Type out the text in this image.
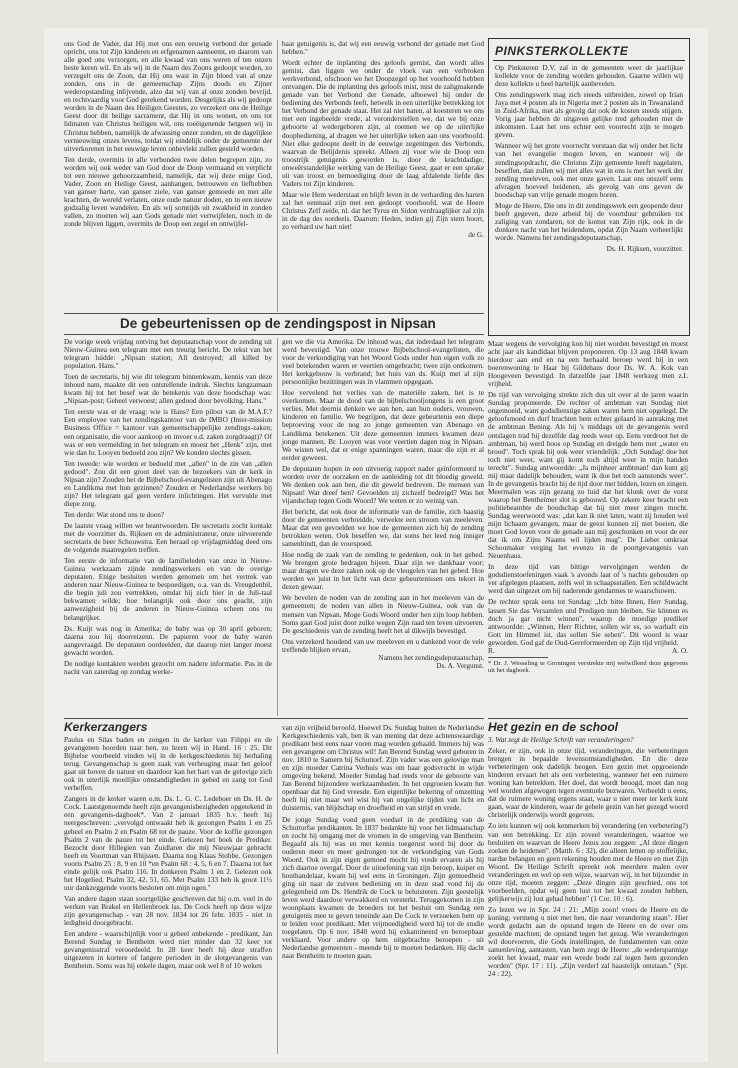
ons God de Vader, dat Hij met ons een eeuwig verbond der genade opricht, ons tot Zijn kinderen en erfgenamen aanneemt, en daarom van alle goed ons verzorgen, en alle kwaad van ons weren of ten onzen beste keren wil. En als wij in de Naam des Zoons gedoopt worden, zo verzegelt ons de Zoon, dat Hij ons wast in Zijn bloed van al onze zonden, ons in de gemeenschap Zijns doods en Zijner wederopstanding inlijvende, alzo dat wij van al onze zonden bevrijd, en rechtvaardig voor God gerekend worden. Desgelijks als wij gedoopt worden in de Naam des Heiligen Geestes, zo verzekert ons de Heilige Geest door dit heilige sacrament, dat Hij in ons wonen, en ons tot lidmaten van Christus heiligen wil, ons toeëigenende hetgeen wij in Christus hebben, namelijk de afwassing onzer zonden, en de dagelijkse vernieuwing onzes levens, totdat wij eindelijk onder de gemeente der uitverkorenen in het eeuwige leven onbevlekt zullen gesteld worden.

Ten derde, overmits in alle verbonden twee delen begrepen zijn, zo worden wij ook weder van God door de Doop vermaand en verplicht tot een nieuwe gehoorzaamheid, namelijk, dat wij deze enige God, Vader, Zoon en Heilige Geest, aanhangen, betrouwen en liefhebben van ganser harte, van ganser ziele, van ganser gemoede en met alle krachten, de wereld verlaten, onze oude natuur doden, en in een nieuw godzalig leven wandelen. En als wij somtijds uit zwakheid in zonden vallen, zo moeten wij aan Gods genade niet vertwijfelen, noch in de zonde blijven liggen, overmits de Doop een zegel en ontwijfel-

baar getuigenis is, dat wij een eeuwig verbond der genade met God hebben."

Wordt echter de inplanting des geloofs gemist, dan wordt alles gemist, dan liggen we onder de vloek van een verbroken werkverbond, ofschoon we het Doopzegel op het voorhoofd hebben ontvangen. Die de inplanting des geloofs mist, mist de zaligmakende genade van het Verbond der Genade, alhoewel hij onder de bediening des Verbonds leeft, hetwelk in een uiterlijke betrekking tot het Verbond der genade staat. Het zal niet baten, al koesteren we ons met een ingebeelde vrede, al veronderstellen we, dat we bij onze geboorte al wedergeboren zijn, al roemen we op de uiterlijke doopbediening, al dragen we het uiterlijke teken aan ons voorhoofd. Niet elke gedoopte deelt in de eeuwige zegeningen des Verbonds, waarvan de Belijdenis spreekt. Alleen zij voor wie de Doop een troostrijk getuigenis geworden is, door de krachtdadige, onweêrstandelijke werking van de Heilige Geest, gaat er een sprake uit van troost en bemoediging door de laag afdalende liefde des Vaders tot Zijn kinderen.

Maar wie Hem wederstaat en blijft leven in de verharding des harten zal het eenmaal zijn met een gedoopt voorhoofd, wat de Heere Christus Zelf zeide, nl. dat het Tyrus en Sidon verdraaglijker zal zijn in de dag des oordeels. Daarom: Heden, indien gij Zijn stem hoort, zo verhard uw hart niet!

de G.
PINKSTERKOLLEKTE

Op Pinksteren D.V. zal in de gemeenten weer de jaarlijkse kollekte voor de zending worden gehouden. Gaarne willen wij deze kollekte u heel hartelijk aanbevelen.

Ons zendingswerk mag zich steeds uitbreiden, zowel op Irian Jaya met 4 posten als in Nigeria met 2 posten als in Tswanaland in Zuid-Afrika, met als gevolg dat ook de kosten steeds stijgen. Vorig jaar hebben de uitgaven gelijke tred gehouden met de inkomsten. Laat het ons echter een voorrecht zijn te mogen geven.

Wanneer wij het grote voorrecht verstaan dat wij onder het licht van het evangelie mogen leven, en wanneer wij de zendingsopdracht, die Christus Zijn gemeente heeft nagelaten, beseffen, dan zullen wij met alles wat in ons is met het werk der zending meeleven, ook met onze gaven. Laat ons onszelf eens afvragen hoeveel heidenen, als gevolg van ons geven de boodschap van vrije genade mogen horen.

Moge de Heere, Die ons in dit zendingswerk een geopende deur heeft gegeven, deze arbeid bij de voortduur gebruiken tot zaliging van zondaren, tot de komst van Zijn rijk, ook in de donkere nacht van het heidendom, opdat Zijn Naam verheerlijkt worde. Namens het zendingsdeputaatschap,

Ds. H. Rijksen, voorzitter.
De gebeurtenissen op de zendingspost in Nipsan

De vorige week vrijdag ontving het deputaatschap voor de zending uit Nieuw-Guinea een telegram met een treurig bericht. De tekst van het telegram luidde: „Nipsan station; All destroyed; all killed by population. Hans."

Toen de secretaris, bij wie dit telegram binnenkwam, kennis van deze inhoud nam, maakte dit een ontstellende indruk. Slechts langzamaan kwam hij tot het besef wat de betekenis van deze boodschap was: „Nipsan-post; Geheel verwoest; allen gedood door bevolking. Hans."

Ten eerste was er de vraag: wie is Hans? Een piloot van de M.A.F.? Een employee van het zendingskantoor van de IMBO (Inter-mission Business Office = kantoor van gemeenschappelijke zendings-zaken; een organisatie, die voor aankoop en invoer e.d. zaken zorgdraagt)? Of was er een vermelding in het telegram en moest het „Henk" zijn, met wie dan br. Looyen bedoeld zou zijn? We konden slechts gissen.

Ten tweede: wie worden er bedoeld met „allen" in de zin van „allen gedood". Zou dit een groot deel van de bezoekers van de kerk in Nipsan zijn? Zouden het de Bijbelschool-evangelisten zijn uit Abenago en Landikma met hun gezinnen? Zouden er Nederlandse werkers bij zijn? Het telegram gaf geen verdere inlichtingen. Het vervulde met diepe zorg.

Ten derde: Wat stond ons te doen?

De laatste vraag willen we beantwoorden. De secretaris zocht kontakt met de voorzitter ds. Rijksen en de administrateur, onze uitvoerende secretaris de heer Schouwstra. Een beraad op vrijdagmiddag deed ons de volgende maatregelen treffen.

Ten eerste de informatie van de familieleden van onze in Nieuw-Guinea werkzaam zijnde zendingswerkers en van de overige deputaten. Enige besluiten werden genomen om het vertrek van anderen naar Nieuw-Guinea te bespoedigen, o.a. van ds. Vreugdenhil, die begin juli zou vertrekken, omdat hij zich hier in de Juli-taal bekwamen wilde; hoe belangrijk ook door ons geacht, zijn aanwezigheid bij de anderen in Nieuw-Guinea scheen ons nu belangrijker.

Ds. Kuijt was nog in Amerika; de baby was op 30 april geboren; daarna zou hij doorreizenn. De papieren voor de baby waren aangevraagd. De deputaten oordeelden, dat daarop niet langer moest gewacht worden.

De nodige kontakten werden gezocht om nadere informatie. Pas in de nacht van zaterdag op zondag werke-

gen we die via Amerika. De inhoud was, dat inderdaad het telegram werd bevestigd. Van onze trouwe Bijbelschool-evangelisten, die voor de verkondiging van het Woord Gods onder hun eigen volk zo veel betekenden waren er veertien omgebracht; twee zijn ontkomen. Het kerkgebouw is verbrand; het huis van ds. Kuijt met al zijn persoonlijke bezittingen was in vlammen opgegaan.

Hoe vervelend het verlies van de materiële zaken, het is te overkomen. Maar de dood van de bijbelschooljongens is een groot verlies. Met deernis denken we aan hen, aan hun ouders, vrouwen, kinderen en familie. We begrijpen, dat deze gebeurtenis een diepe beproeving voor de nog zo jonge gemeenten van Abenago en Landikma betekenen. Uit deze gemeenten immers kwamen deze jonge mannen. Br. Looyen was voor veertien dagen nog in Nipsan. We wisten wel, dat er enige spanningen waren, maar die zijn er al eerder geweest.

De deputaten hopen in een uitvoerig rapport nader geïnformeerd te worden over de oorzaken en de aanleiding tot dit bloedig geweld. We denken ook aan hen, die dit geweld bedreven. De mensen van Nipsan! Wat dreef hen? Gevoelden zij zichzelf bedreigd? Was het vijandschap tegen Gods Woord? We weten er zo weinig van.

Het bericht, dat ook door de informatie van de familie, zich haastig door de gemeenten verbreidde, verwekte een stroom van meeleven. Maar dat een gevoelden we hoe de gemeenten zich bij de zending betrokken weten. Ook beseffen we, dat soms het leed nog inniger samenbindt, dan de voorspoed.

Hoe nodig de zaak van de zending te gedenken, ook in het gebed. We brengen grote bedragen bijeen. Daar zijn we dankbaar voor; maar dragen we deze zaken ook op de vleugelen van het gebed. Hoe worden we juist in het licht van deze gebeurtenissen ons tekort in dezen gewaar.

We bevelen de noden van de zending aan in het meeleven van de gemeenten; de noden van allen in Nieuw-Guinea, ook van de mensen van Nipsan. Moge Gods Woord onder hen zijn loop hebben. Soms gaat God juist door zulke wegen Zijn raad ten leven uitvoeren. De geschiedenis van de zending heeft het al dikwijls bevestigd.

Ons verzekerd houdend van uw meeleven en u dankend voor de vele treffende blijken ervan,

Namens het zendingsdeputaatschap,
Ds. A. Vergunst.

Maar wegens de vervolging kon hij niet worden bevestigd en moest acht jaar als kandidaat blijven proponeren. Op 13 aug 1848 kwam hierdoor aan end en na een herhaald beroep werd hij in een boerenwoning te Haar bij Gildehaus door Ds. W. A. Kok van Hoogeveen bevestigd. In datzelfde jaar 1848 werkzeg men z.L vrijheid.

De tijd van vervolging strekte zich dus uit over al de jaren waarin Sundag proponeerde. De rechter of ambtman van Sundag niet ongemoeid, want godsdienstige zaken waren hem niet opgelegd. De geloofsmoed en durf brachten hem echter gelaard in aanraking met de ambtman Bening. Als hij 's middags uit de gevangenis werd ontslagen trad hij dezelfde dag reeds weer op. Eens verdroot het de ambtman, hij werd hoos op Sundag en dreigde hem met „water en brood". Toch sprak hij ook weer vriendelijk: „Och Sundag! doe het toch niet weer, want gij komt toch altijd weer in mijn handen terecht". Sundag antwoordde: „Ja mijnheer ambtman! dan kunt gij mij maar dadelijk behouden, want ik doe het toch aanstonds weer". In de gevangenis bracht hij de tijd door met bidden, lezen en zingen. Meermalen was zijn gezang zo luid dat het klonk over de vorst waarop het Bentheimer slot is gebouwd. Op zekere keer bracht een politiebeambte de boodschap dat hij niet meer zingen mocht. Sundag weerwoord was: „dat kan ik niet laten, want zij houden wel mijn lichaam gevangen, maar de geest kunnen zij niet boeien, die moet God loven voor de genade aan mij geschonken en voor de eer dat ik om Zijns Naams wil lijden mag". De Lieber omkraat Schoomaker verging het evenzo in de poortgevangenis van Neuenhaus.

In deze tijd van bittige vervolgingen werden de godsdienstoefeningen vaak 's avonds laat of 's nachts gehouden op ver afgelegen plaatsen, zelfs wel in schaapsstallen. Een schildwacht werd dan uitgezet om bij naderende gendarmes te waarschuwen.

De rechter sprak eens tot Sundag: „Ich bitte Ihnen, Herr Sundag, lassen Sie das Versamlen und Predigen nun bleiben, Sie können es doch ja gar nicht winnen", waarop de moedige prediker antwoordde: „Winnen, Herr Richter, sollen wir es, so warhaft ein Gott im Himmel ist, das sollen Sie sehen". Dit woord is waar geworden. God gaf de Oud-Gereformeerden op Zijn tijd vrijheid.

R.	A. O.

* Dr. J. Wesseling te Groningen verstrekte mij welwillend deze gegevens uit het dagboek.

Kerkerzangers

Paulus en Silas baden en zongen in de kerker van Filippi en de gevangenen hoorden naar hen, zo lezen wij in Hand. 16 : 25. Dit Bijbelse voorbeeld vinden wij in de kerkgeschiedenis bij herhaling terug. Gevangenschap is geen zaak van verheuging maar het geloof gaat uit boven de natuur en daardoor kan het hart van de gelovige zich ook in uiterlijk moeilijke omstandigheden in gebed en zang tot God verheffen.

Zangers in de kerker waren o.m. Ds. L. G. C. Ledeboer en Ds. H. de Cock. Laatstgenoemde heeft zijn gevangenisbezigheden opgetekend in een gevangenis-dagboek*. Van 2 januari 1835 b.v. heeft hij neergeschreven: „vervolgd ontwaakt heb ik gezongen Psalm 1 en 25 geheel en Psalm 2 en Psalm 68 tot de pauze. Voor de koffie gezongen Psalm 2 van de pauze tot het einde. Gelezen het boek de Prediker. Bezocht door Hillegien van Zuidlaren die mij Nieuwjaar gebracht heeft en Voortman van Rhijssen. Daarna nog Klaas Stobbe. Gezongen voorts Psalm 25 : 8, 9 en 10 *en Psalm 68 : 4, 5, 6 en 7. Daarna tot het einde gelijk ook Psalm 116. In donkeren Psalm 1 en 2. Gelezen ook het Hogelied. Psalm 32, 42, 51, 65. Met Psalm 133 heb ik groot 11½ uur dankzeggende voorts besloten om mijn ogen."

Van andere dagen staan soortgelijke geschreven dat hij o.m. veel in de werken van Brakel en Hellenbroek las. De Cock heeft op deze wijze zijn gevangenschap - van 28 nov. 1834 tot 26 febr. 1835 - niet in ledigheid doorgebracht.

Een andere - waarschijnlijk voor u geheel onbekende - predikant, Jan Berend Sundag te Bentheim werd niet minder dan 32 keer tot gevangenisstraf veroordeeld. In 28 keer heeft hij deze straffen uitgezeten in kortere of langere perioden in de slotgevangenis van Bentheim. Soms was hij enkele dagen, maar ook wel 8 of 10 weken

van zijn vrijheid beroofd. Hoewel Ds. Sundag buiten de Nederlandse Kerkgeschiedenis valt, ben ik van mening dat deze achtenswaardige predikant best eens naar voren mag worden gehaald. Immers hij was een gevangene om Christus wil! Jan Berend Sundag werd geboren in nov. 1810 te Samern bij Schuttorf. Zijn vader was een gelovige man en zijn moeder Catrina Verhuis was om haar godsvrucht in wijde omgeving bekend. Moeder Sundag had reeds voor de geboorte van Jan Berend bijzondere werkzaamheden. In het opgroeien kwam het openbaar dat hij God vreesde. Een eigenlijke bekering of omzetting heeft hij niet maar wel wist hij van ongelijke tijden van licht en duisternis, van blijdschap en droefheid en van strijd en vrede.

De jonge Sundag vond geen voedsel in de prediking van de Schuttorfse predikanten. In 1837 bedankte hij voor het lidmaatschap en zocht hij omgang met de vromen in de omgeving van Bentheim. Begaafd als hij was en met kennis toegerust werd hij door de ouderen meer en meer gedrongen tot de verkondiging van Gods Woord. Ook in zijn eigen gemoed mocht hij vrede ervaren als hij zich daartoe overgaf. Door de uitoefening van zijn beroep, kuiper en houthandelaar, kwam hij wel eens in Groningen. Zijn gemoedheid ging uit naar de zuivere bediening en in deze stad vond hij de gelegenheid om Ds. Hendrik de Cock te beluisteren. Zijn geestelijk leven werd daardoor verwakkerd en versterkt. Teruggekomen in zijn woonplaats kwamen de broeders tot het besluit om Sundag een getuigenis mee te geven teneinde aan De Cock te verzoeken hem op te leiden voor predikant. Met vrijmoedigheid werd hij tot de studie toegelaten. Op 6 nov. 1840 werd hij exkamineerd en beroepbaar verklaard. Voor andere op hem uitgebrachte beroepen - uit Nederlandse gemeenten - meende hij te moeten bedanken. Hij dacht naar Bentheim te moeten gaan.

Het gezin en de school

3. Wat zegt de Heilige Schrift van veranderingen?

Zeker, er zijn, ook in onze tijd, veranderingen, die verbeteringen brengen in bepaalde levensomstandigheden. En die deze verbeteringen ook dadelijk beogen. Een gezin met opgroeiende kinderen ervaart het als een verbetering, wanneer het een ruimere woning kan betrekken. Het doel, dat wordt beoogd, moet dan nog wel worden afgewogen tegen eventuele bezwaren. Verbeeldt u eens, dat de ruimere woning ergens staat, waar u niet meer ter kerk kunt gaan, waar de kinderen, waar de gehele gezin van het gezegd woord christelijk onderwijs wordt gegeven.

Zo iets kunnen wij ook kenmerken bij verandering (en verbetering?) van een betrekking. Er zijn zoveel veranderingen, waartoe we besluiten en waarvan de Heere Jezus zou zeggen: „Al deze dingen zoeken de heidenen". (Matth. 6 : 32), die alleen letten op stoffelijke, nardse belangen en geen rekening houden met de Heere en met Zijn Woord. De Heilige Schrift spreekt ook meerdere malen over veranderingen en wel op een wijze, waarvan wij, in het bijzonder in onze tijd, moeten zeggen: „Deze dingen zijn geschied, ons tot voorbeelden, opdat wij geen lust tot het kwaad zouden hebben, gelijkerwijs zij lust gehad hebben" (1 Cor. 10 : 6).

Zo lezen we in Spr. 24 : 21: „Mijn zoon! vrees de Heere en de koning; vermeng u niet met hen, die naar verandering staan". Hier wordt gedacht aan de opstand tegen de Heere en de over ons gestelde machten; de opstand tegen het gezag. Wie veranderingen wil doorvoeren, die Gods instellingen, de fundamenten van onze samenleving, aantasten, van hem zegt de Heere: „de wederspannige zoekt het kwaad, maar een wrede bode zal tegen hem gezonden worden" (Spr. 17 : 11). „Zijn verderf zal haastelijk ontstaan." (Spr. 24 : 22).
